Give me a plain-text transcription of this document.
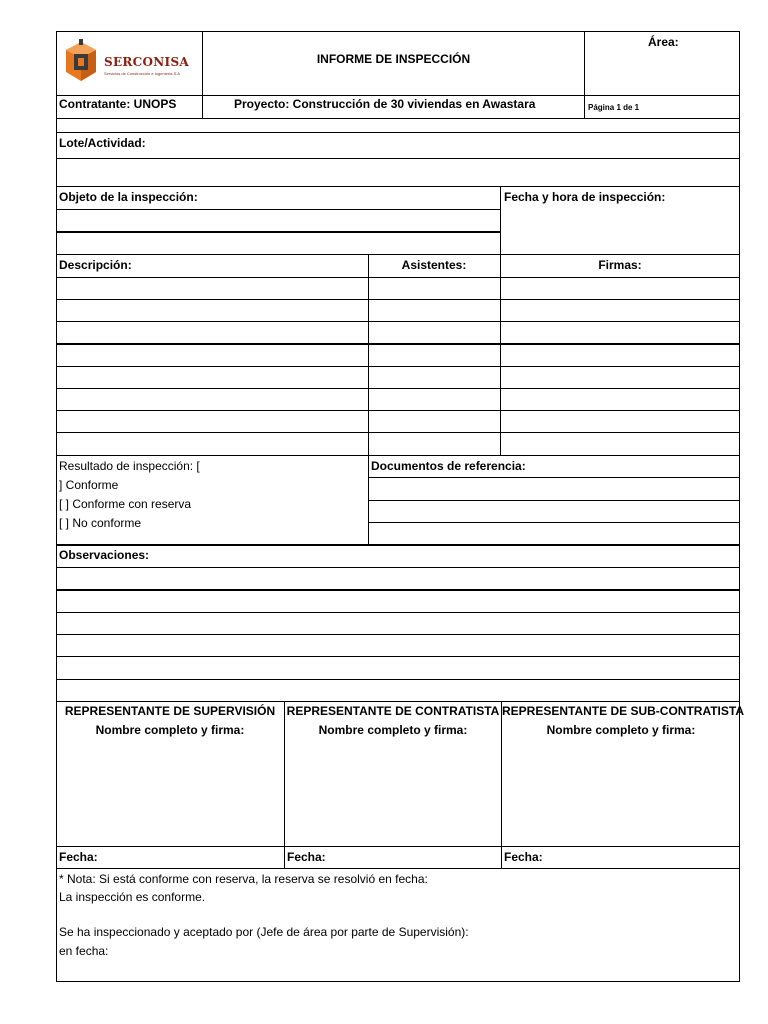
SERCONISA
Servicios de Construcción e Ingeniería S.A
INFORME DE INSPECCIÓN
Área:
Contratante: UNOPS	Proyecto: Construcción de 30 viviendas en Awastara	Página 1 de 1
Lote/Actividad:
Objeto de la inspección:	Fecha y hora de inspección:
Descripción:	Asistentes:	Firmas:
Resultado de inspección: [
] Conforme
[ ] Conforme con reserva
[ ] No conforme
Documentos de referencia:
Observaciones:
REPRESENTANTE DE SUPERVISIÓN
Nombre completo y firma:
REPRESENTANTE DE CONTRATISTA
Nombre completo y firma:
REPRESENTANTE DE SUB-CONTRATISTA
Nombre completo y firma:
Fecha:	Fecha:	Fecha:
* Nota: Si está conforme con reserva, la reserva se resolvió en fecha:
La inspección es conforme.
Se ha inspeccionado y aceptado por (Jefe de área por parte de Supervisión):
en fecha:
